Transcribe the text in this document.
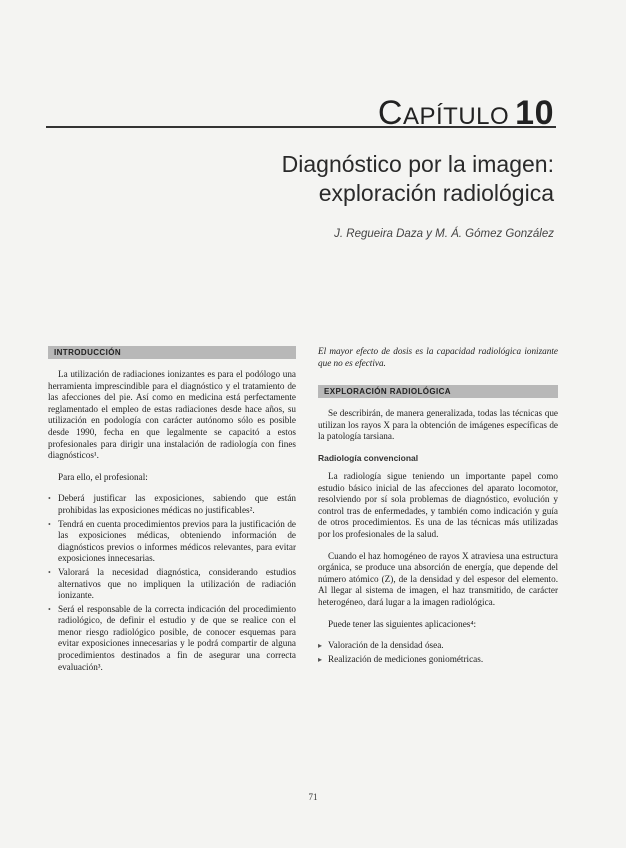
Capítulo 10
Diagnóstico por la imagen:
exploración radiológica
J. Regueira Daza y M. Á. Gómez González
INTRODUCCIÓN

La utilización de radiaciones ionizantes es para el podólogo una herramienta imprescindible para el diagnóstico y el tratamiento de las afecciones del pie. Así como en medicina está perfectamente reglamentado el empleo de estas radiaciones desde hace años, su utilización en podología con carácter autónomo sólo es posible desde 1990, fecha en que legalmente se capacitó a estos profesionales para dirigir una instalación de radiología con fines diagnósticos¹.

Para ello, el profesional:

• Deberá justificar las exposiciones, sabiendo que están prohibidas las exposiciones médicas no justificables².
• Tendrá en cuenta procedimientos previos para la justificación de las exposiciones médicas, obteniendo información de diagnósticos previos o informes médicos relevantes, para evitar exposiciones innecesarias.
• Valorará la necesidad diagnóstica, considerando estudios alternativos que no impliquen la utilización de radiación ionizante.
• Será el responsable de la correcta indicación del procedimiento radiológico, de definir el estudio y de que se realice con el menor riesgo radiológico posible, de conocer esquemas para evitar exposiciones innecesarias y le podrá compartir de alguna procedimientos destinados a fin de asegurar una correcta evaluación³.

El mayor efecto de dosis es la capacidad radiológica ionizante que no es efectiva.

EXPLORACIÓN RADIOLÓGICA

Se describirán, de manera generalizada, todas las técnicas que utilizan los rayos X para la obtención de imágenes específicas de la patología tarsiana.

Radiología convencional

La radiología sigue teniendo un importante papel como estudio básico inicial de las afecciones del aparato locomotor, resolviendo por sí sola problemas de diagnóstico, evolución y control tras de enfermedades, y también como indicación y guía de otros procedimientos. Es una de las técnicas más utilizadas por los profesionales de la salud.

Cuando el haz homogéneo de rayos X atraviesa una estructura orgánica, se produce una absorción de energía, que depende del número atómico (Z), de la densidad y del espesor del elemento. Al llegar al sistema de imagen, el haz transmitido, de carácter heterogéneo, dará lugar a la imagen radiológica.

Puede tener las siguientes aplicaciones⁴:

▸ Valoración de la densidad ósea.
▸ Realización de mediciones goniométricas.
71
